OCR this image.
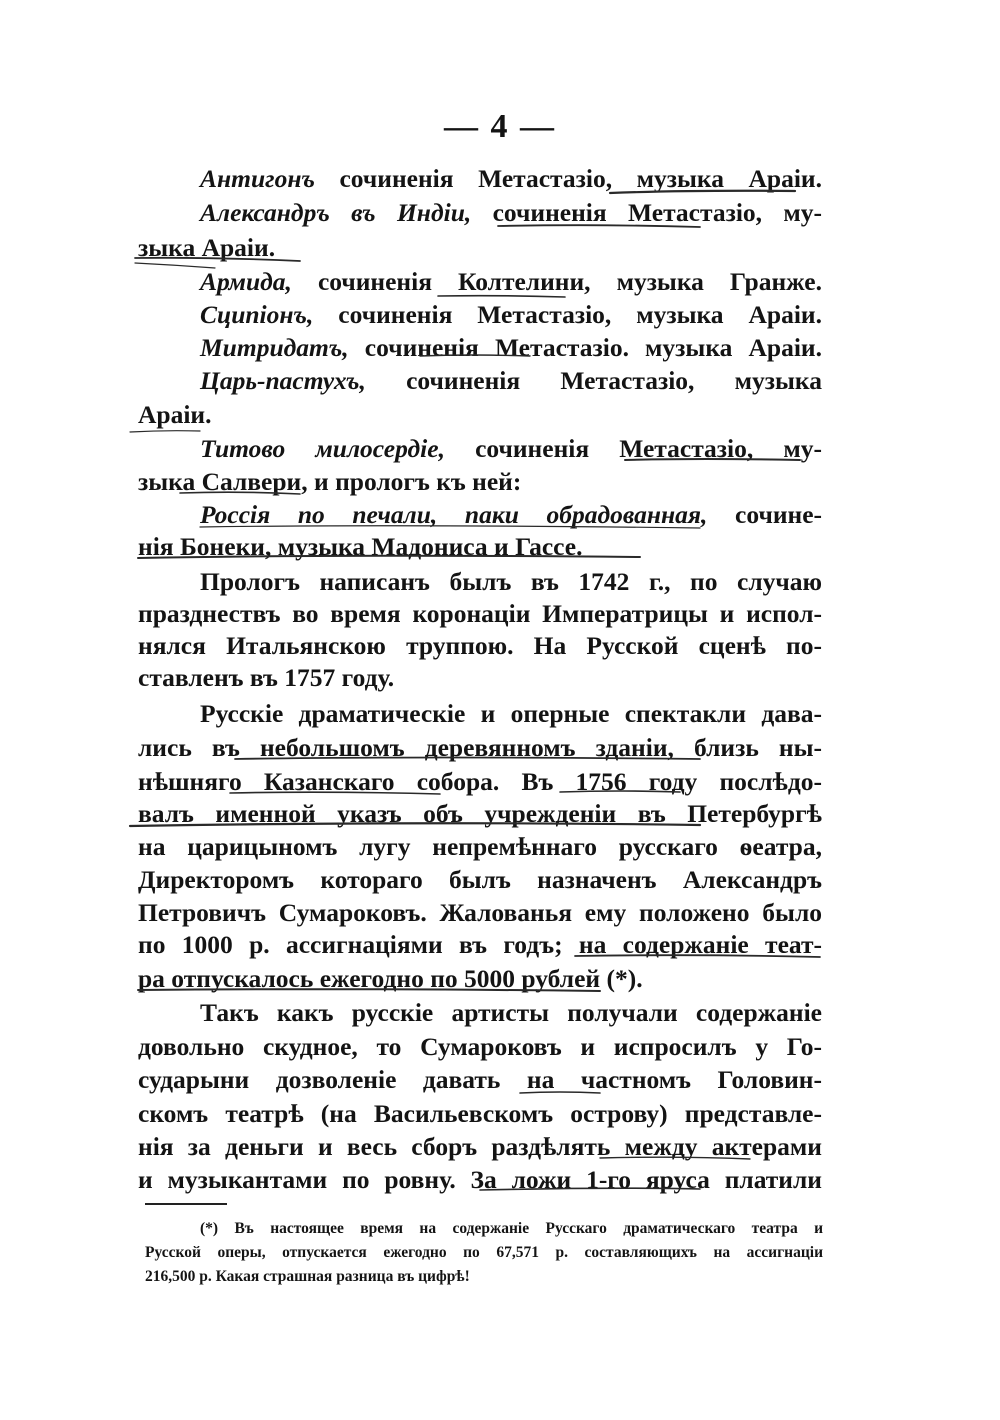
— 4 —
Антигонъ сочиненія Метастазіо, музыка Араіи.
Александръ въ Индіи, сочиненія Метастазіо, му-
зыка Араіи.
Армида, сочиненія Колтелини, музыка Гранже.
Сципіонъ, сочиненія Метастазіо, музыка Араіи.
Митридатъ, сочиненія Метастазіо. музыка Араіи.
Царь-пастухъ, сочиненія Метастазіо, музыка
Араіи.
Титово милосердіе, сочиненія Метастазіо, му-
зыка Салвери, и прологъ къ ней:
Россія по печали, паки обрадованная, сочине-
нія Бонеки, музыка Мадониса и Гассе.
Прологъ написанъ былъ въ 1742 г., по случаю
празднествъ во время коронаціи Императрицы и испол-
нялся Итальянскою труппою. На Русской сценѣ по-
ставленъ въ 1757 году.
Русскіе драматическіе и оперные спектакли дава-
лись въ небольшомъ деревянномъ зданіи, близь ны-
нѣшняго Казанскаго собора. Въ 1756 году послѣдо-
валъ именной указъ объ учрежденіи въ Петербургѣ
на царицыномъ лугу непремѣннаго русскаго ѳеатра,
Директоромъ котораго былъ назначенъ Александръ
Петровичъ Сумароковъ. Жалованья ему положено было
по 1000 р. ассигнаціями въ годъ; на содержаніе теат-
ра отпускалось ежегодно по 5000 рублей (*).
Такъ какъ русскіе артисты получали содержаніе
довольно скудное, то Сумароковъ и испросилъ у Го-
сударыни дозволеніе давать на частномъ Головин-
скомъ театрѣ (на Васильевскомъ острову) представле-
нія за деньги и весь сборъ раздѣлять между актерами
и музыкантами по ровну. За ложи 1-го яруса платили
(*) Въ настоящее время на содержаніе Русскаго драматическаго театра и
Русской оперы, отпускается ежегодно по 67,571 р. составляющихъ на ассигнаціи
216,500 р. Какая страшная разница въ цифрѣ!
